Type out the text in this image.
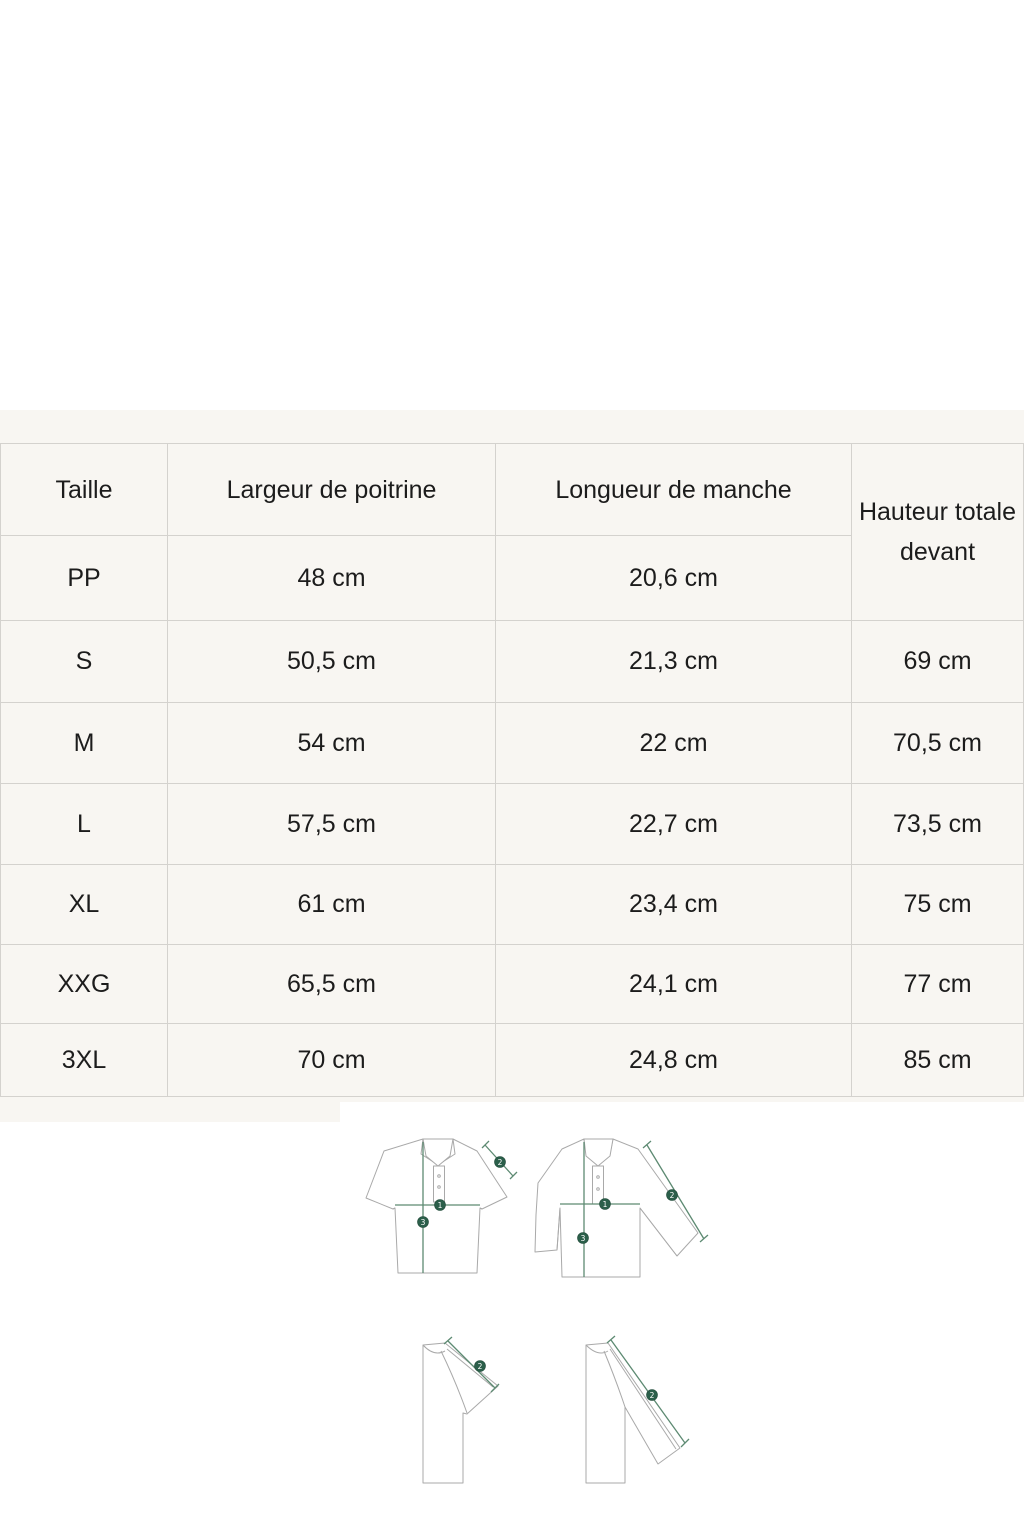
Taille	Largeur de poitrine	Longueur de manche	Hauteur totale devant
PP	48 cm	20,6 cm	
S	50,5 cm	21,3 cm	69 cm
M	54 cm	22 cm	70,5 cm
L	57,5 cm	22,7 cm	73,5 cm
XL	61 cm	23,4 cm	75 cm
XXG	65,5 cm	24,1 cm	77 cm
3XL	70 cm	24,8 cm	85 cm
1
3
2
1
3
2
2
2
